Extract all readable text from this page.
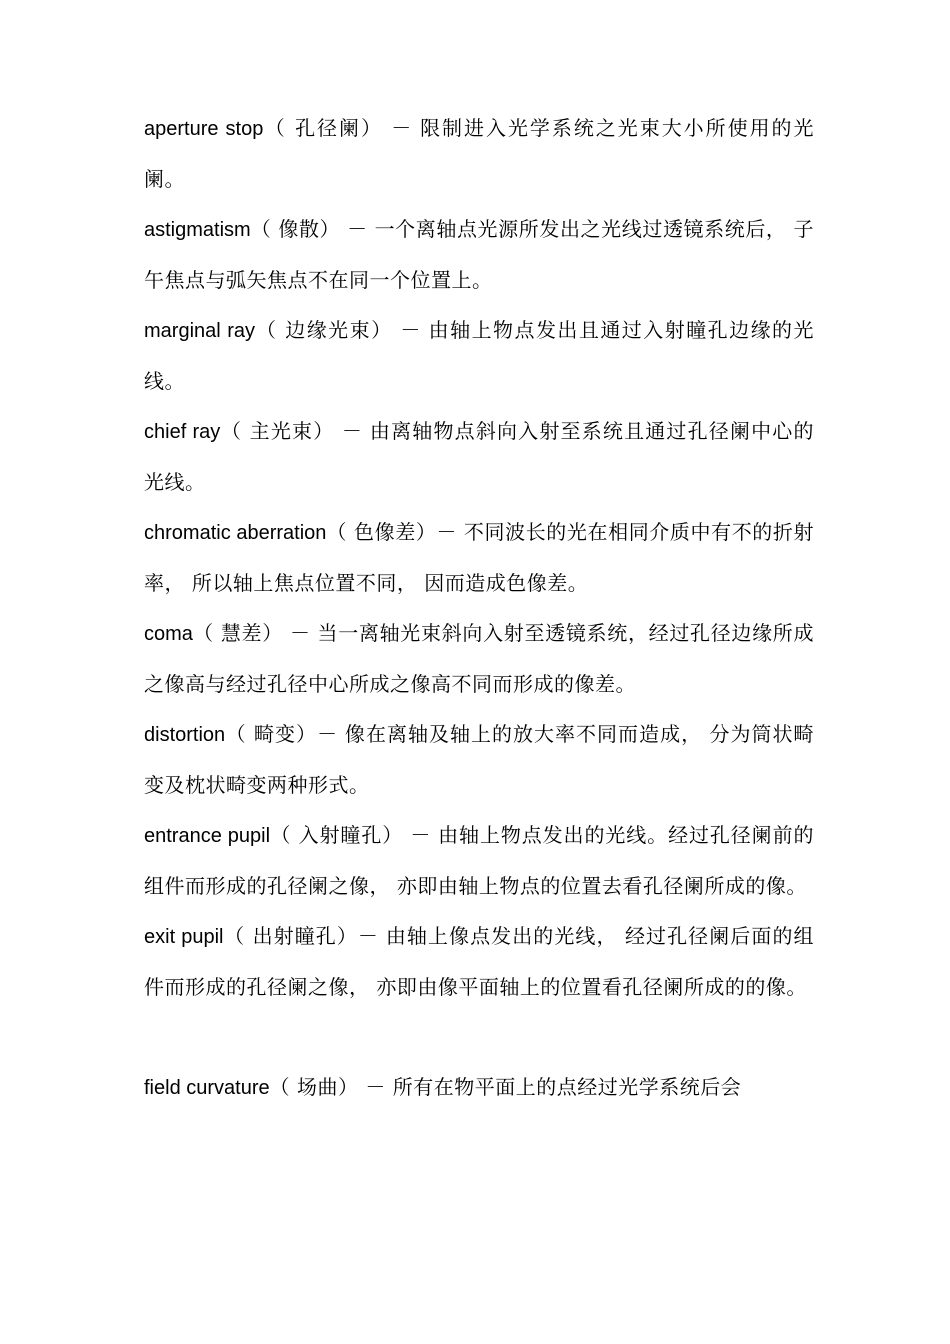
aperture stop（ 孔径阑） － 限制进入光学系统之光束大小所使用的光阑。

astigmatism（ 像散） － 一个离轴点光源所发出之光线过透镜系统后， 子午焦点与弧矢焦点不在同一个位置上。

marginal ray（ 边缘光束） － 由轴上物点发出且通过入射瞳孔边缘的光线。

chief ray（ 主光束） － 由离轴物点斜向入射至系统且通过孔径阑中心的光线。

chromatic aberration（ 色像差）－ 不同波长的光在相同介质中有不的折射率， 所以轴上焦点位置不同， 因而造成色像差。

coma（ 慧差） － 当一离轴光束斜向入射至透镜系统，经过孔径边缘所成之像高与经过孔径中心所成之像高不同而形成的像差。

distortion（ 畸变）－ 像在离轴及轴上的放大率不同而造成， 分为筒状畸变及枕状畸变两种形式。

entrance pupil（ 入射瞳孔） － 由轴上物点发出的光线。经过孔径阑前的组件而形成的孔径阑之像， 亦即由轴上物点的位置去看孔径阑所成的像。

exit pupil（ 出射瞳孔）－ 由轴上像点发出的光线， 经过孔径阑后面的组件而形成的孔径阑之像， 亦即由像平面轴上的位置看孔径阑所成的的像。

field curvature（ 场曲） － 所有在物平面上的点经过光学系统后会
